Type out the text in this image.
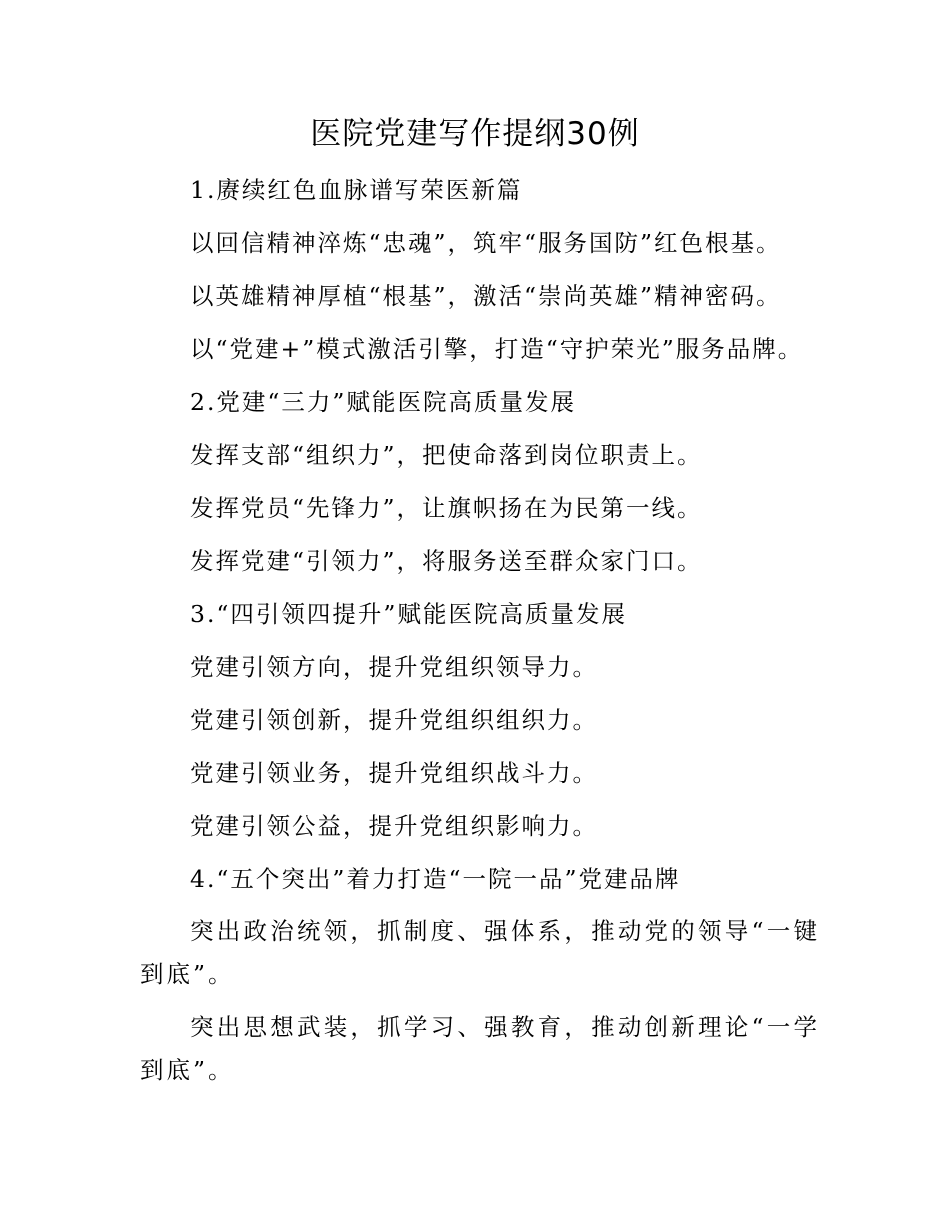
医院党建写作提纲30例
1.赓续红色血脉谱写荣医新篇
以回信精神淬炼“忠魂”，筑牢“服务国防”红色根基。
以英雄精神厚植“根基”，激活“崇尚英雄”精神密码。
以“党建+”模式激活引擎，打造“守护荣光”服务品牌。
2.党建“三力”赋能医院高质量发展
发挥支部“组织力”，把使命落到岗位职责上。
发挥党员“先锋力”，让旗帜扬在为民第一线。
发挥党建“引领力”，将服务送至群众家门口。
3.“四引领四提升”赋能医院高质量发展
党建引领方向，提升党组织领导力。
党建引领创新，提升党组织组织力。
党建引领业务，提升党组织战斗力。
党建引领公益，提升党组织影响力。
4.“五个突出”着力打造“一院一品”党建品牌
突出政治统领，抓制度、强体系，推动党的领导“一键到底”。
突出思想武装，抓学习、强教育，推动创新理论“一学到底”。
